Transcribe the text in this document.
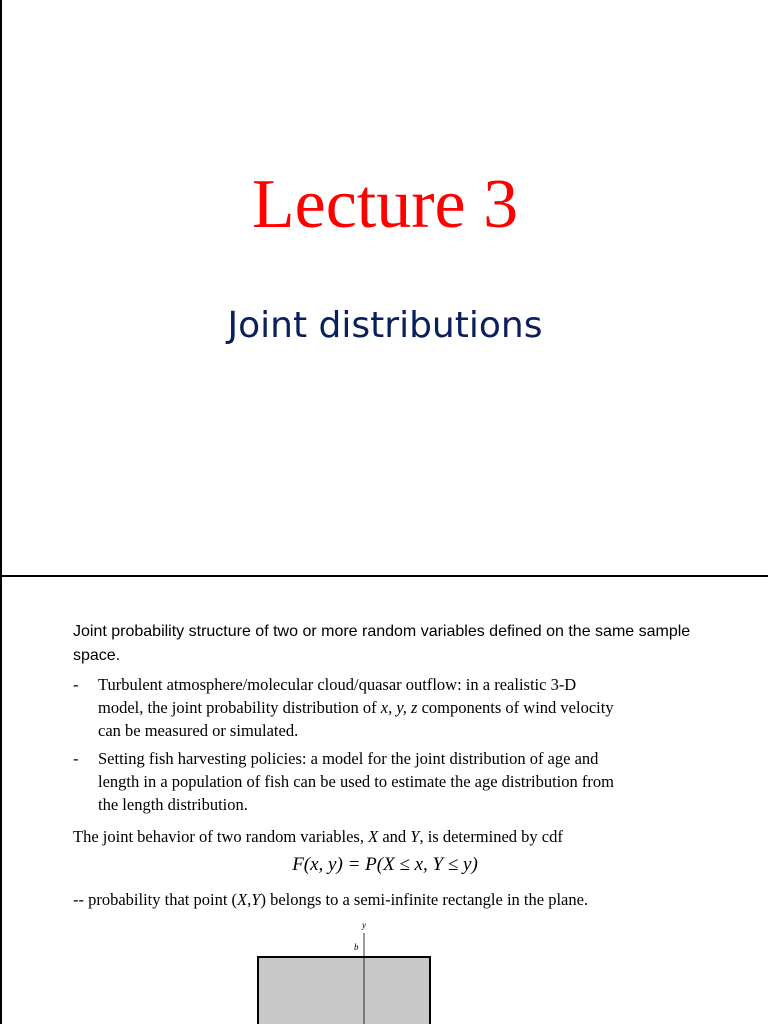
Lecture 3
Joint distributions
Joint probability structure of two or more random variables defined on the same sample space.
- Turbulent atmosphere/molecular cloud/quasar outflow: in a realistic 3-D
model, the joint probability distribution of x, y, z components of wind velocity
can be measured or simulated.
- Setting fish harvesting policies: a model for the joint distribution of age and
length in a population of fish can be used to estimate the age distribution from
the length distribution.
The joint behavior of two random variables, X and Y, is determined by cdf
F(x, y) = P(X ≤ x, Y ≤ y)
-- probability that point (X,Y) belongs to a semi-infinite rectangle in the plane.
y
b
